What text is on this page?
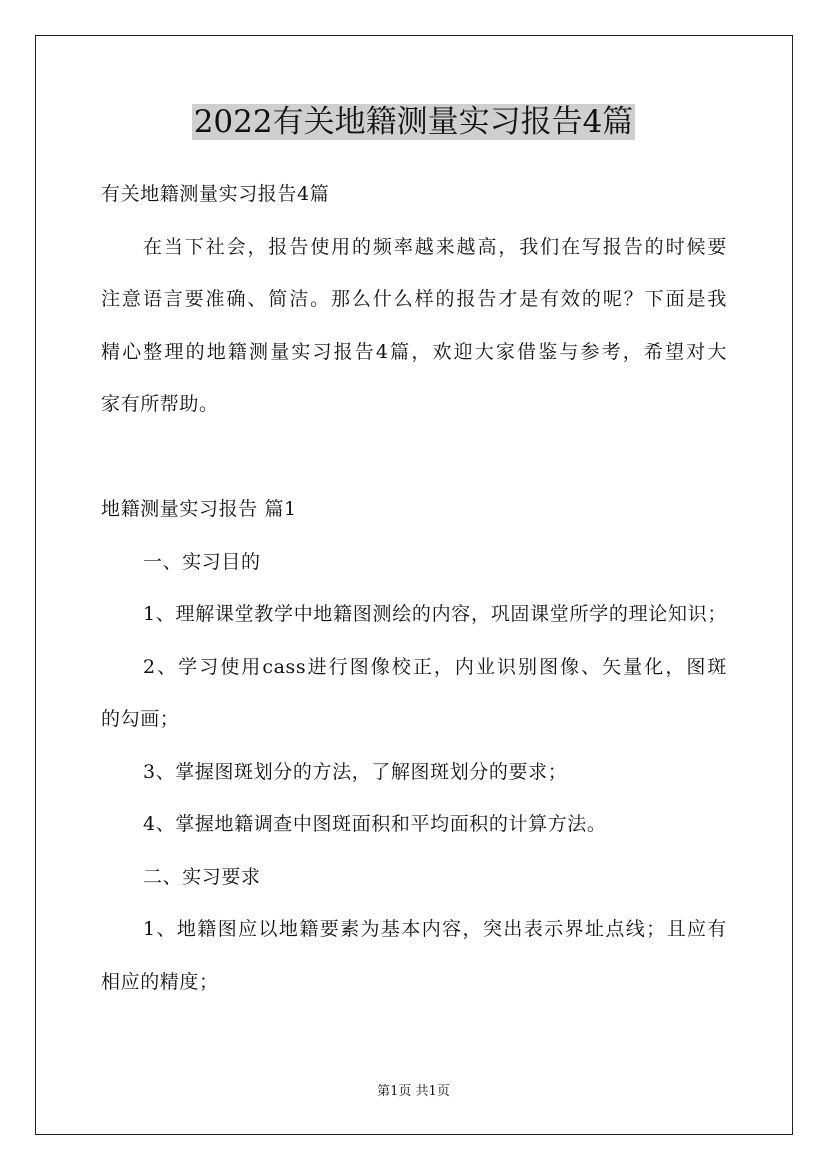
2022有关地籍测量实习报告4篇
有关地籍测量实习报告4篇
在当下社会，报告使用的频率越来越高，我们在写报告的时候要
注意语言要准确、简洁。那么什么样的报告才是有效的呢？下面是我
精心整理的地籍测量实习报告4篇，欢迎大家借鉴与参考，希望对大
家有所帮助。
地籍测量实习报告 篇1
一、实习目的
1、理解课堂教学中地籍图测绘的内容，巩固课堂所学的理论知识；
2、学习使用cass进行图像校正，内业识别图像、矢量化，图斑
的勾画；
3、掌握图斑划分的方法，了解图斑划分的要求；
4、掌握地籍调查中图斑面积和平均面积的计算方法。
二、实习要求
1、地籍图应以地籍要素为基本内容，突出表示界址点线；且应有
相应的精度；
第1页 共1页
